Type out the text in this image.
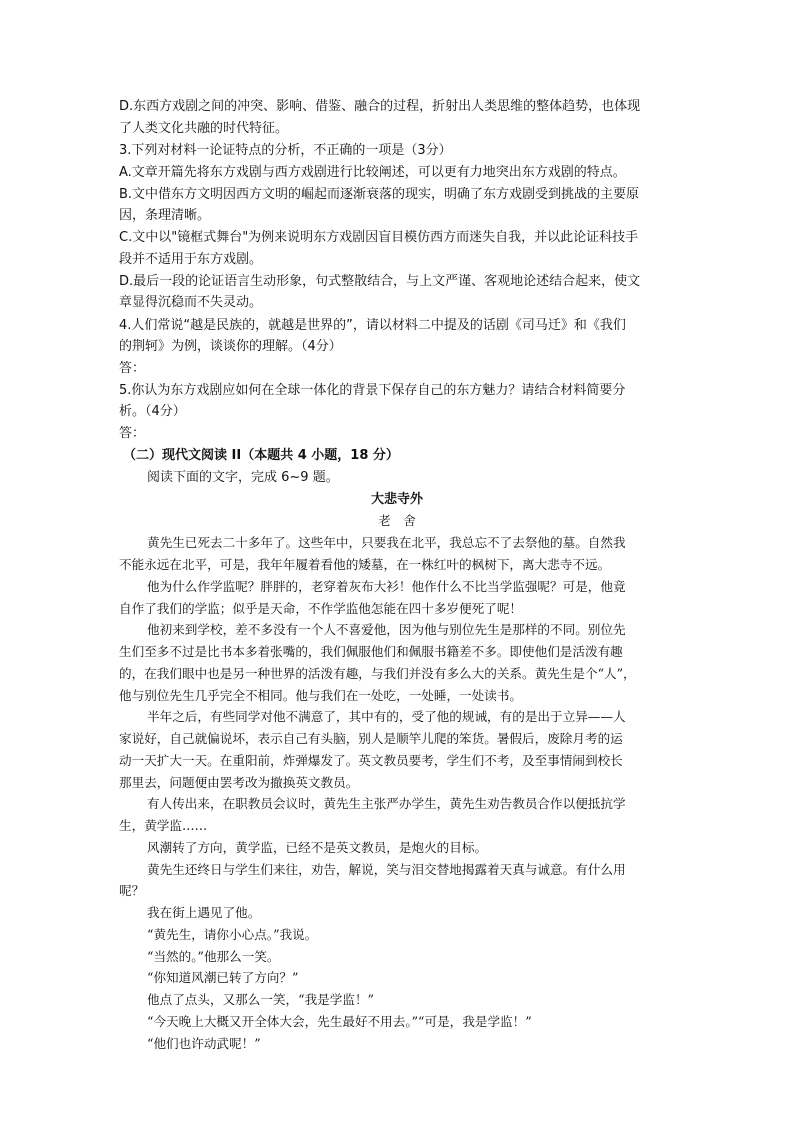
D.东西方戏剧之间的冲突、影响、借鉴、融合的过程，折射出人类思维的整体趋势，也体现
了人类文化共融的时代特征。
3.下列对材料一论证特点的分析，不正确的一项是（3分）
A.文章开篇先将东方戏剧与西方戏剧进行比较阐述，可以更有力地突出东方戏剧的特点。
B.文中借东方文明因西方文明的崛起而逐渐衰落的现实，明确了东方戏剧受到挑战的主要原
因，条理清晰。
C.文中以"镜框式舞台"为例来说明东方戏剧因盲目模仿西方而迷失自我，并以此论证科技手
段并不适用于东方戏剧。
D.最后一段的论证语言生动形象，句式整散结合，与上文严谨、客观地论述结合起来，使文
章显得沉稳而不失灵动。
4.人们常说“越是民族的，就越是世界的”，请以材料二中提及的话剧《司马迁》和《我们
的荆轲》为例，谈谈你的理解。（4分）
答：
5.你认为东方戏剧应如何在全球一体化的背景下保存自己的东方魅力？请结合材料简要分
析。（4分）
答：
（二）现代文阅读 II（本题共 4 小题，18 分）
阅读下面的文字，完成 6~9 题。
大悲寺外
老　舍
黄先生已死去二十多年了。这些年中，只要我在北平，我总忘不了去祭他的墓。自然我
不能永远在北平，可是，我年年履着看他的矮墓，在一株红叶的枫树下，离大悲寺不远。
他为什么作学监呢？胖胖的，老穿着灰布大衫！他作什么不比当学监强呢？可是，他竟
自作了我们的学监；似乎是天命，不作学监他怎能在四十多岁便死了呢！
他初来到学校，差不多没有一个人不喜爱他，因为他与别位先生是那样的不同。别位先
生们至多不过是比书本多着张嘴的，我们佩服他们和佩服书籍差不多。即使他们是活泼有趣
的，在我们眼中也是另一种世界的活泼有趣，与我们并没有多么大的关系。黄先生是个“人”，
他与别位先生几乎完全不相同。他与我们在一处吃，一处睡，一处读书。
半年之后，有些同学对他不满意了，其中有的，受了他的规诫，有的是出于立异——人
家说好，自己就偏说坏，表示自己有头脑，别人是顺竿儿爬的笨货。暑假后，废除月考的运
动一天扩大一天。在重阳前，炸弹爆发了。英文教员要考，学生们不考，及至事情闹到校长
那里去，问题便由罢考改为撤换英文教员。
有人传出来，在职教员会议时，黄先生主张严办学生，黄先生劝告教员合作以便抵抗学
生，黄学监……
风潮转了方向，黄学监，已经不是英文教员，是炮火的目标。
黄先生还终日与学生们来往，劝告，解说，笑与泪交替地揭露着天真与诚意。有什么用
呢？
我在街上遇见了他。
“黄先生，请你小心点。”我说。
“当然的。”他那么一笑。
“你知道风潮已转了方向？”
他点了点头，又那么一笑，“我是学监！”
“今天晚上大概又开全体大会，先生最好不用去。”“可是，我是学监！”
“他们也许动武呢！”
